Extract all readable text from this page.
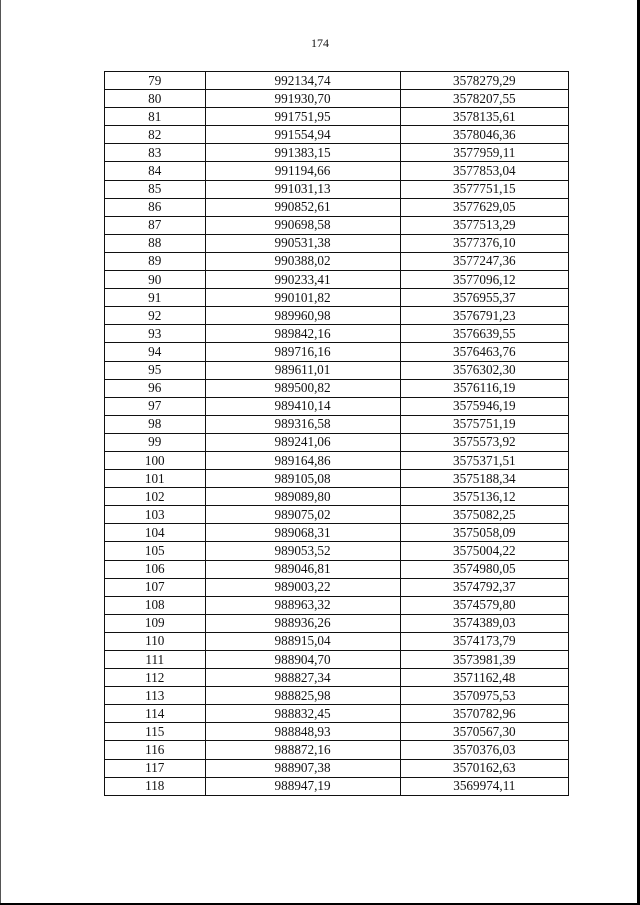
174
79	992134,74	3578279,29
80	991930,70	3578207,55
81	991751,95	3578135,61
82	991554,94	3578046,36
83	991383,15	3577959,11
84	991194,66	3577853,04
85	991031,13	3577751,15
86	990852,61	3577629,05
87	990698,58	3577513,29
88	990531,38	3577376,10
89	990388,02	3577247,36
90	990233,41	3577096,12
91	990101,82	3576955,37
92	989960,98	3576791,23
93	989842,16	3576639,55
94	989716,16	3576463,76
95	989611,01	3576302,30
96	989500,82	3576116,19
97	989410,14	3575946,19
98	989316,58	3575751,19
99	989241,06	3575573,92
100	989164,86	3575371,51
101	989105,08	3575188,34
102	989089,80	3575136,12
103	989075,02	3575082,25
104	989068,31	3575058,09
105	989053,52	3575004,22
106	989046,81	3574980,05
107	989003,22	3574792,37
108	988963,32	3574579,80
109	988936,26	3574389,03
110	988915,04	3574173,79
111	988904,70	3573981,39
112	988827,34	3571162,48
113	988825,98	3570975,53
114	988832,45	3570782,96
115	988848,93	3570567,30
116	988872,16	3570376,03
117	988907,38	3570162,63
118	988947,19	3569974,11
